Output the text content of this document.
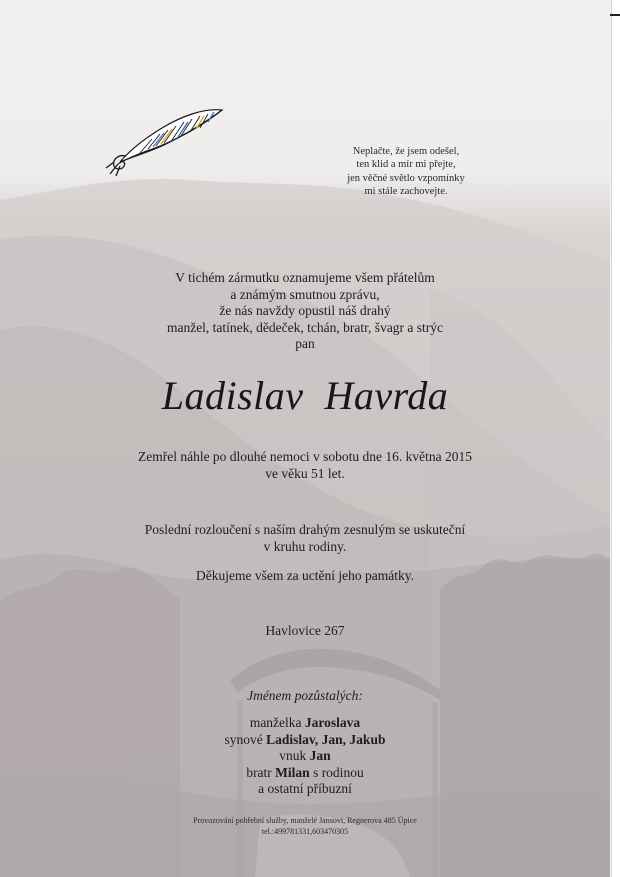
Neplačte, že jsem odešel,
ten klid a mír mi přejte,
jen věčné světlo vzpomínky
mi stále zachovejte.
V tichém zármutku oznamujeme všem přátelům
a známým smutnou zprávu,
že nás navždy opustil náš drahý
manžel, tatínek, dědeček, tchán, bratr, švagr a strýc
pan
Ladislav  Havrda
Zemřel náhle po dlouhé nemoci v sobotu dne 16. května 2015
ve věku 51 let.
Poslední rozloučení s naším drahým zesnulým se uskuteční
v kruhu rodiny.
Děkujeme všem za uctění jeho památky.
Havlovice 267
Jménem pozůstalých:
manželka Jaroslava
synové Ladislav, Jan, Jakub
vnuk Jan
bratr Milan s rodinou
a ostatní příbuzní
Provozování pohřební služby, manželé Jansovi, Regnerova 485 Úpice
tel.:499781331,603470305
